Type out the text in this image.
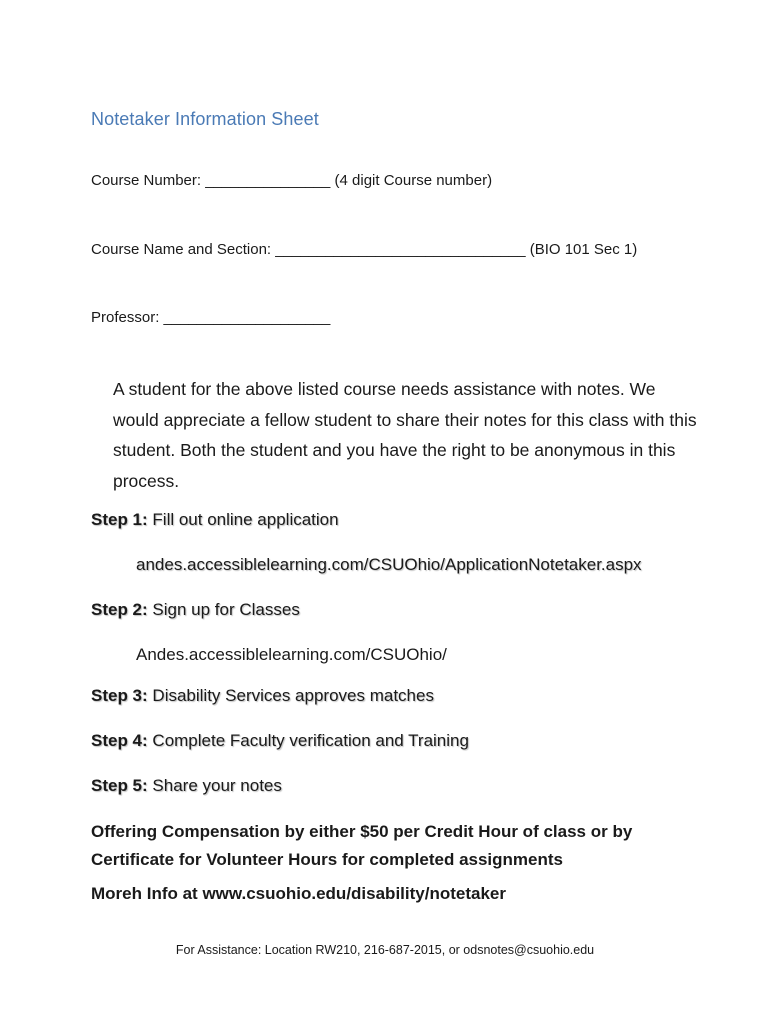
Notetaker Information Sheet
Course Number: _______________ (4 digit Course number)
Course Name and Section: ______________________________ (BIO 101 Sec 1)
Professor: ____________________
A student for the above listed course needs assistance with notes. We would appreciate a fellow student to share their notes for this class with this student. Both the student and you have the right to be anonymous in this process.
Step 1: Fill out online application
andes.accessiblelearning.com/CSUOhio/ApplicationNotetaker.aspx
Step 2: Sign up for Classes
Andes.accessiblelearning.com/CSUOhio/
Step 3: Disability Services approves matches
Step 4: Complete Faculty verification and Training
Step 5: Share your notes
Offering Compensation by either $50 per Credit Hour of class or by Certificate for Volunteer Hours for completed assignments
Moreh Info at www.csuohio.edu/disability/notetaker
For Assistance: Location RW210, 216-687-2015, or odsnotes@csuohio.edu
